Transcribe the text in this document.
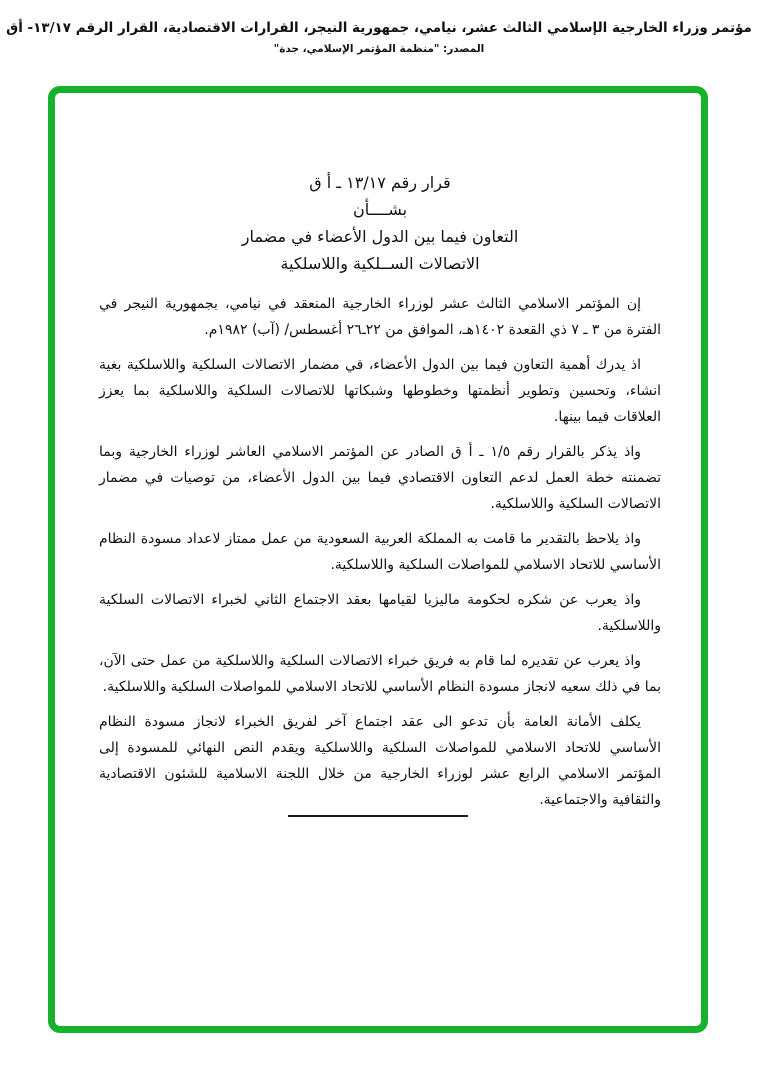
مؤتمر وزراء الخارجية الإسلامي الثالث عشر، نيامي، جمهورية النيجر، القرارات الاقتصادية، القرار الرقم ١٣/١٧- أق
المصدر: "منظمة المؤتمر الإسلامي، جدة"
قرار رقم ١٣/١٧ ـ أ ق
بشــــأن
التعاون فيما بين الدول الأعضاء في مضمار
الاتصالات الســلكية واللاسلكية

إن المؤتمر الاسلامي الثالث عشر لوزراء الخارجية المنعقد في نيامي، بجمهورية النيجر في الفترة من ٣ ـ ٧ ذي القعدة ١٤٠٢هـ، الموافق من ٢٢ـ٢٦ أغسطس/ (آب) ١٩٨٢م.

اذ يدرك أهمية التعاون فيما بين الدول الأعضاء، في مضمار الاتصالات السلكية واللاسلكية بغية انشاء، وتحسين وتطوير أنظمتها وخطوطها وشبكاتها للاتصالات السلكية واللاسلكية بما يعزز العلاقات فيما بينها.

واذ يذكر بالقرار رقم ١/٥ ـ أ ق الصادر عن المؤتمر الاسلامي العاشر لوزراء الخارجية وبما تضمنته خطة العمل لدعم التعاون الاقتصادي فيما بين الدول الأعضاء، من توصيات في مضمار الاتصالات السلكية واللاسلكية.

واذ يلاحظ بالتقدير ما قامت به المملكة العربية السعودية من عمل ممتاز لاعداد مسودة النظام الأساسي للاتحاد الاسلامي للمواصلات السلكية واللاسلكية.

واذ يعرب عن شكره لحكومة ماليزيا لقيامها بعقد الاجتماع الثاني لخبراء الاتصالات السلكية واللاسلكية.

واذ يعرب عن تقديره لما قام به فريق خبراء الاتصالات السلكية واللاسلكية من عمل حتى الآن، بما في ذلك سعيه لانجاز مسودة النظام الأساسي للاتحاد الاسلامي للمواصلات السلكية واللاسلكية.

يكلف الأمانة العامة بأن تدعو الى عقد اجتماع آخر لفريق الخبراء لانجاز مسودة النظام الأساسي للاتحاد الاسلامي للمواصلات السلكية واللاسلكية ويقدم النص النهائي للمسودة إلى المؤتمر الاسلامي الرابع عشر لوزراء الخارجية من خلال اللجنة الاسلامية للشئون الاقتصادية والثقافية والاجتماعية.
